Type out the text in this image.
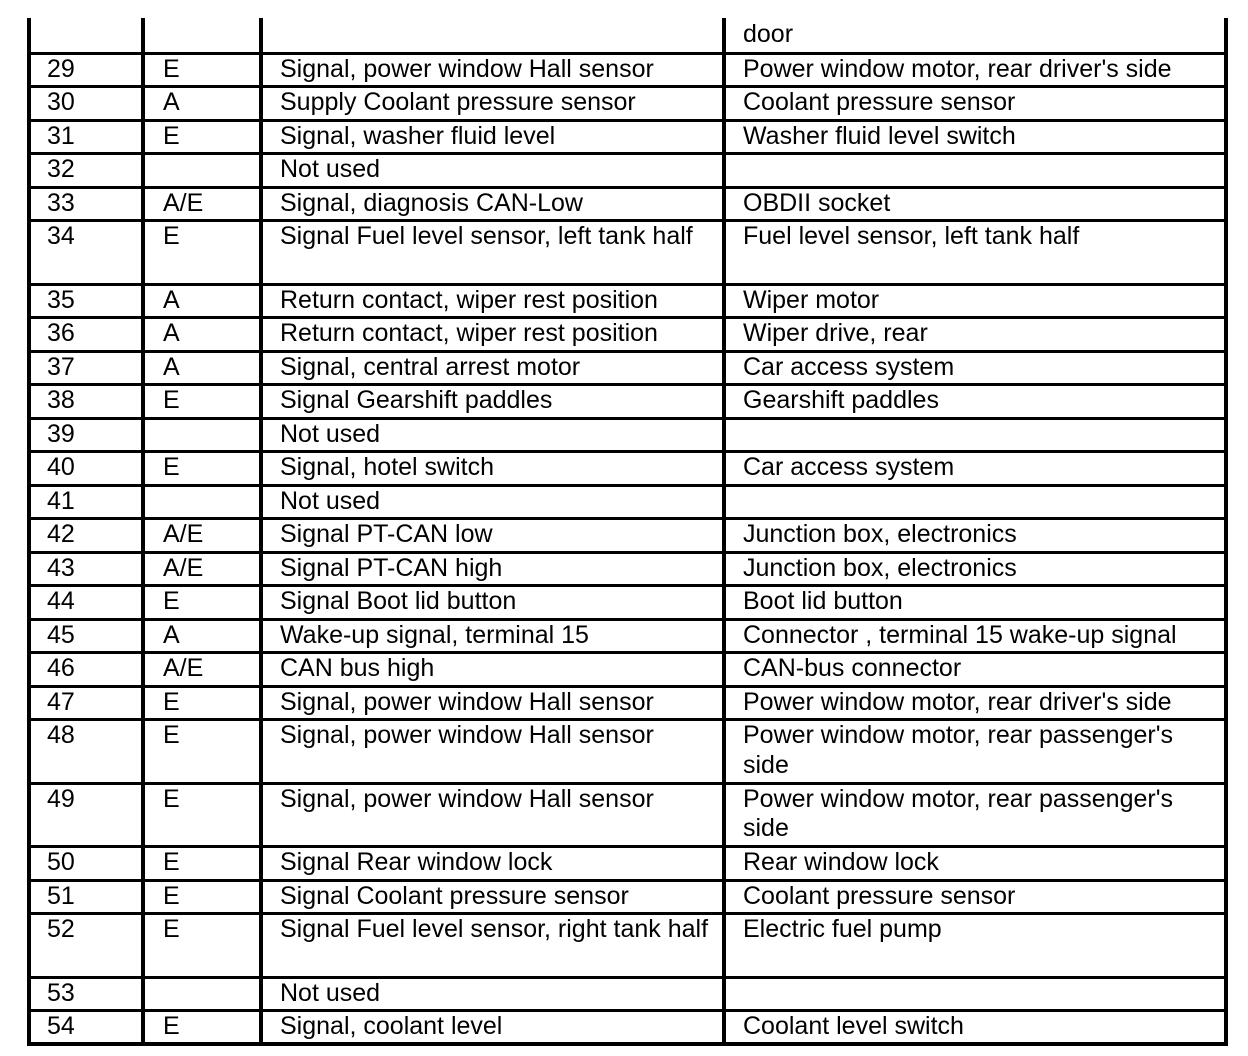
			door
29	E	Signal, power window Hall sensor	Power window motor, rear driver's side
30	A	Supply Coolant pressure sensor	Coolant pressure sensor
31	E	Signal, washer fluid level	Washer fluid level switch
32		Not used	
33	A/E	Signal, diagnosis CAN-Low	OBDII socket
34	E	Signal Fuel level sensor, left tank half	Fuel level sensor, left tank half
35	A	Return contact, wiper rest position	Wiper motor
36	A	Return contact, wiper rest position	Wiper drive, rear
37	A	Signal, central arrest motor	Car access system
38	E	Signal Gearshift paddles	Gearshift paddles
39		Not used	
40	E	Signal, hotel switch	Car access system
41		Not used	
42	A/E	Signal PT-CAN low	Junction box, electronics
43	A/E	Signal PT-CAN high	Junction box, electronics
44	E	Signal Boot lid button	Boot lid button
45	A	Wake-up signal, terminal 15	Connector , terminal 15 wake-up signal
46	A/E	CAN bus high	CAN-bus connector
47	E	Signal, power window Hall sensor	Power window motor, rear driver's side
48	E	Signal, power window Hall sensor	Power window motor, rear passenger's side
49	E	Signal, power window Hall sensor	Power window motor, rear passenger's side
50	E	Signal Rear window lock	Rear window lock
51	E	Signal Coolant pressure sensor	Coolant pressure sensor
52	E	Signal Fuel level sensor, right tank half	Electric fuel pump
53		Not used	
54	E	Signal, coolant level	Coolant level switch
